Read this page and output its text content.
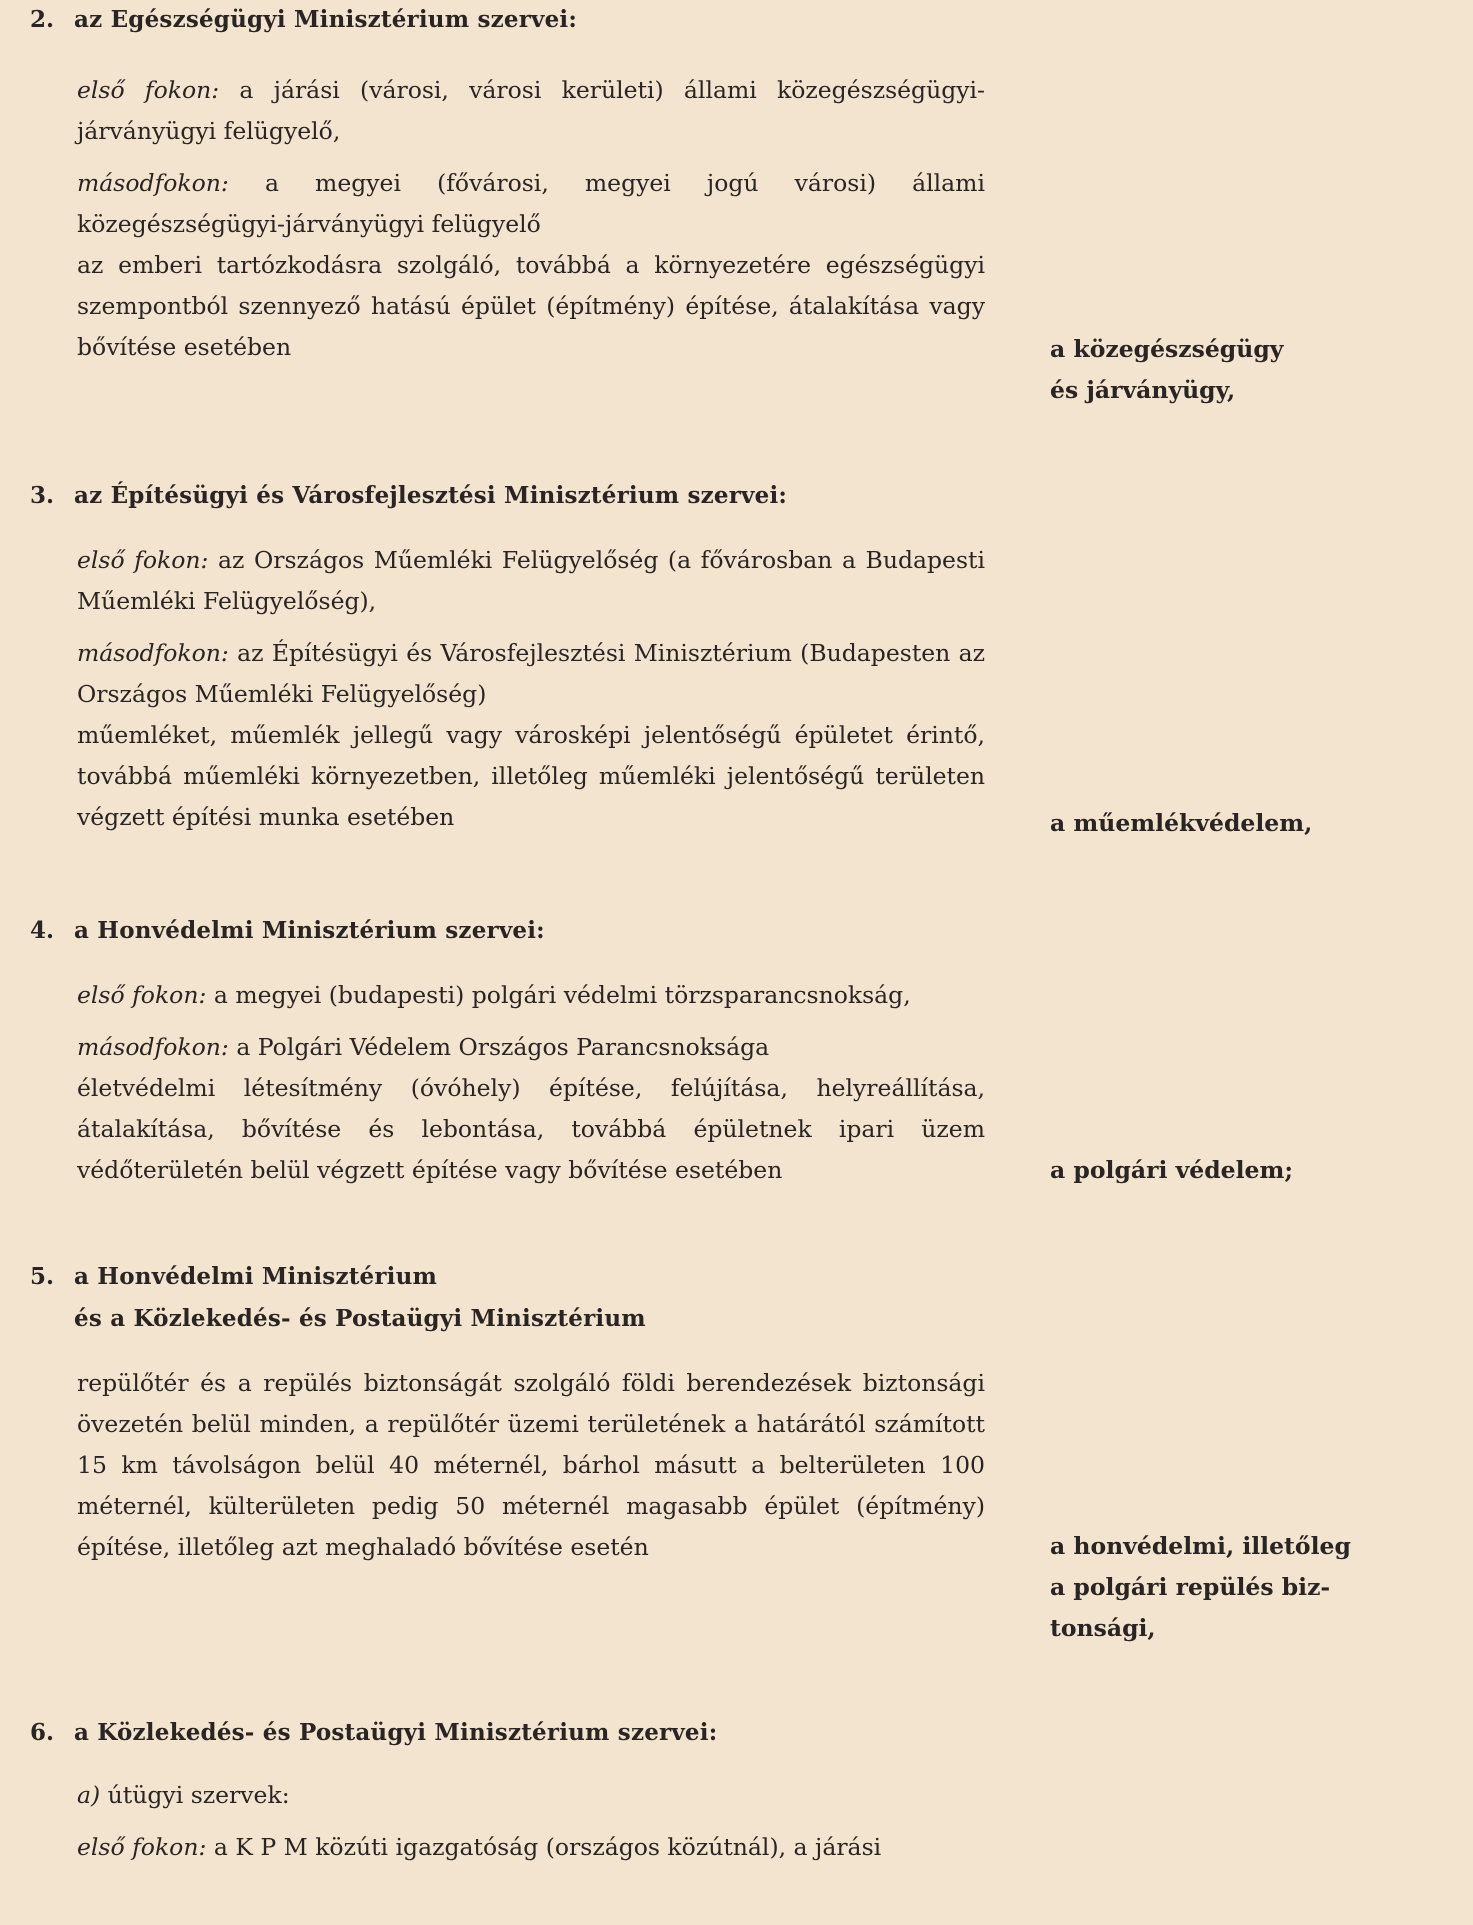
2. az Egészségügyi Minisztérium szervei:

első fokon: a járási (városi, városi kerületi) állami közegészségügyi-járványügyi felügyelő,

másodfokon: a megyei (fővárosi, megyei jogú városi) állami közegészségügyi-járványügyi felügyelő

az emberi tartózkodásra szolgáló, továbbá a környezetére egészségügyi szempontból szennyező hatású épület (építmény) építése, átalakítása vagy bővítése esetében	a közegészségügy
és járványügy,
3. az Építésügyi és Városfejlesztési Minisztérium szervei:

első fokon: az Országos Műemléki Felügyelőség (a fővárosban a Budapesti Műemléki Felügyelőség),

másodfokon: az Építésügyi és Városfejlesztési Minisztérium (Budapesten az Országos Műemléki Felügyelőség)

műemléket, műemlék jellegű vagy városképi jelentőségű épületet érintő, továbbá műemléki környezetben, illetőleg műemléki jelentőségű területen végzett építési munka esetében	a műemlékvédelem,
4. a Honvédelmi Minisztérium szervei:

első fokon: a megyei (budapesti) polgári védelmi törzsparancsnokság,

másodfokon: a Polgári Védelem Országos Parancsnoksága

életvédelmi létesítmény (óvóhely) építése, felújítása, helyreállítása, átalakítása, bővítése és lebontása, továbbá épületnek ipari üzem védőterületén belül végzett építése vagy bővítése esetében	a polgári védelem;
5. a Honvédelmi Minisztérium
és a Közlekedés- és Postaügyi Minisztérium

repülőtér és a repülés biztonságát szolgáló földi berendezések biztonsági övezetén belül minden, a repülőtér üzemi területének a határától számított 15 km távolságon belül 40 méternél, bárhol másutt a belterületen 100 méternél, külterületen pedig 50 méternél magasabb épület (építmény) építése, illetőleg azt meghaladó bővítése esetén	a honvédelmi, illetőleg
a polgári repülés biz-
tonsági,
6. a Közlekedés- és Postaügyi Minisztérium szervei:

a) útügyi szervek:

első fokon: a K P M közúti igazgatóság (országos közútnál), a járási
